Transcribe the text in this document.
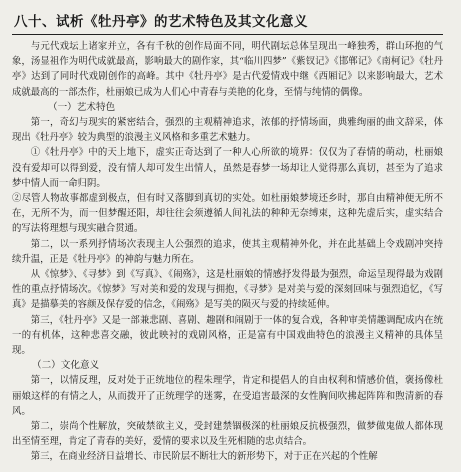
八十、试析《牡丹亭》的艺术特色及其文化意义

与元代戏坛上诸家并立，各有千秋的创作局面不同，明代剧坛总体呈现出一峰独秀，群山环抱的气象，汤显祖作为明代成就最高，影响最大的剧作家，其“临川四梦”《紫钗记》《邯郸记》《南柯记》《牡丹亭》达到了同时代戏剧创作的高峰。其中《牡丹亭》是古代爱情戏中继《西厢记》以来影响最大，艺术成就最高的一部杰作，杜丽娘已成为人们心中青春与美艳的化身，至情与纯情的偶像。

（一）艺术特色

第一，奇幻与现实的紧密结合，强烈的主观精神追求，浓郁的抒情场面，典雅绚丽的曲文辞采，体现出《牡丹亭》较为典型的浪漫主义风格和多重艺术魅力。

①《牡丹亭》中的天上地下，虚实正奇达到了一种人心所欲的境界：仅仅为了春情的萌动，杜丽娘没有爱却可以得到爱，没有情人却可发生出情人，虽然是春梦一场却让人觉得那么真切，甚至为了追求梦中情人而一命归阴。

②尽管人物故事都虚到极点，但有时又落脚到真切的实处。如杜丽娘梦境还乡时，那自由精神便无所不在，无所不为，而一但梦醒还阳，却往往会须遵循人间礼法的种种无奈缚束，这种先虚后实，虚实结合的写法将理想与现实融合贯通。

第二，以一系列抒情场次表现主人公强烈的追求，使其主观精神外化，并在此基础上令戏剧冲突持续升温，正是《牡丹亭》的神韵与魅力所在。

从《惊梦》、《寻梦》到《写真》、《闹殇》，这是杜丽娘的情感抒发得最为强烈，命运呈现得最为戏剧性的重点抒情场次。《惊梦》写对美和爱的发现与拥抱，《寻梦》是对美与爱的深刻回味与强烈追忆，《写真》是描摹美的容颜及保存爱的信念，《闹殇》是写美的陨灭与爱的持续延伸。

第三，《牡丹亭》又是一部兼悲剧、喜剧、趣剧和闹剧于一体的复合戏，各种审美情趣调配成内在统一的有机体，这种悲喜交融，彼此映衬的戏剧风格，正是富有中国戏曲特色的浪漫主义精神的具体呈现。

（二）文化意义

第一，以情反理，反对处于正统地位的程朱理学，肯定和提倡人的自由权利和情感价值，褒扬像杜丽娘这样的有情之人，从而拨开了正统理学的迷雾，在受追害最深的女性胸间吹拂起阵阵和煦清新的春风。

第二，崇尚个性解放，突破禁欲主义，受封建禁锢极深的杜丽娘反抗极强烈，做梦做鬼做人都体现出至情至理，肯定了青春的美好，爱情的要求以及生死相随的忠贞结合。

第三，在商业经济日益增长、市民阶层不断壮大的新形势下，对于正在兴起的个性解
